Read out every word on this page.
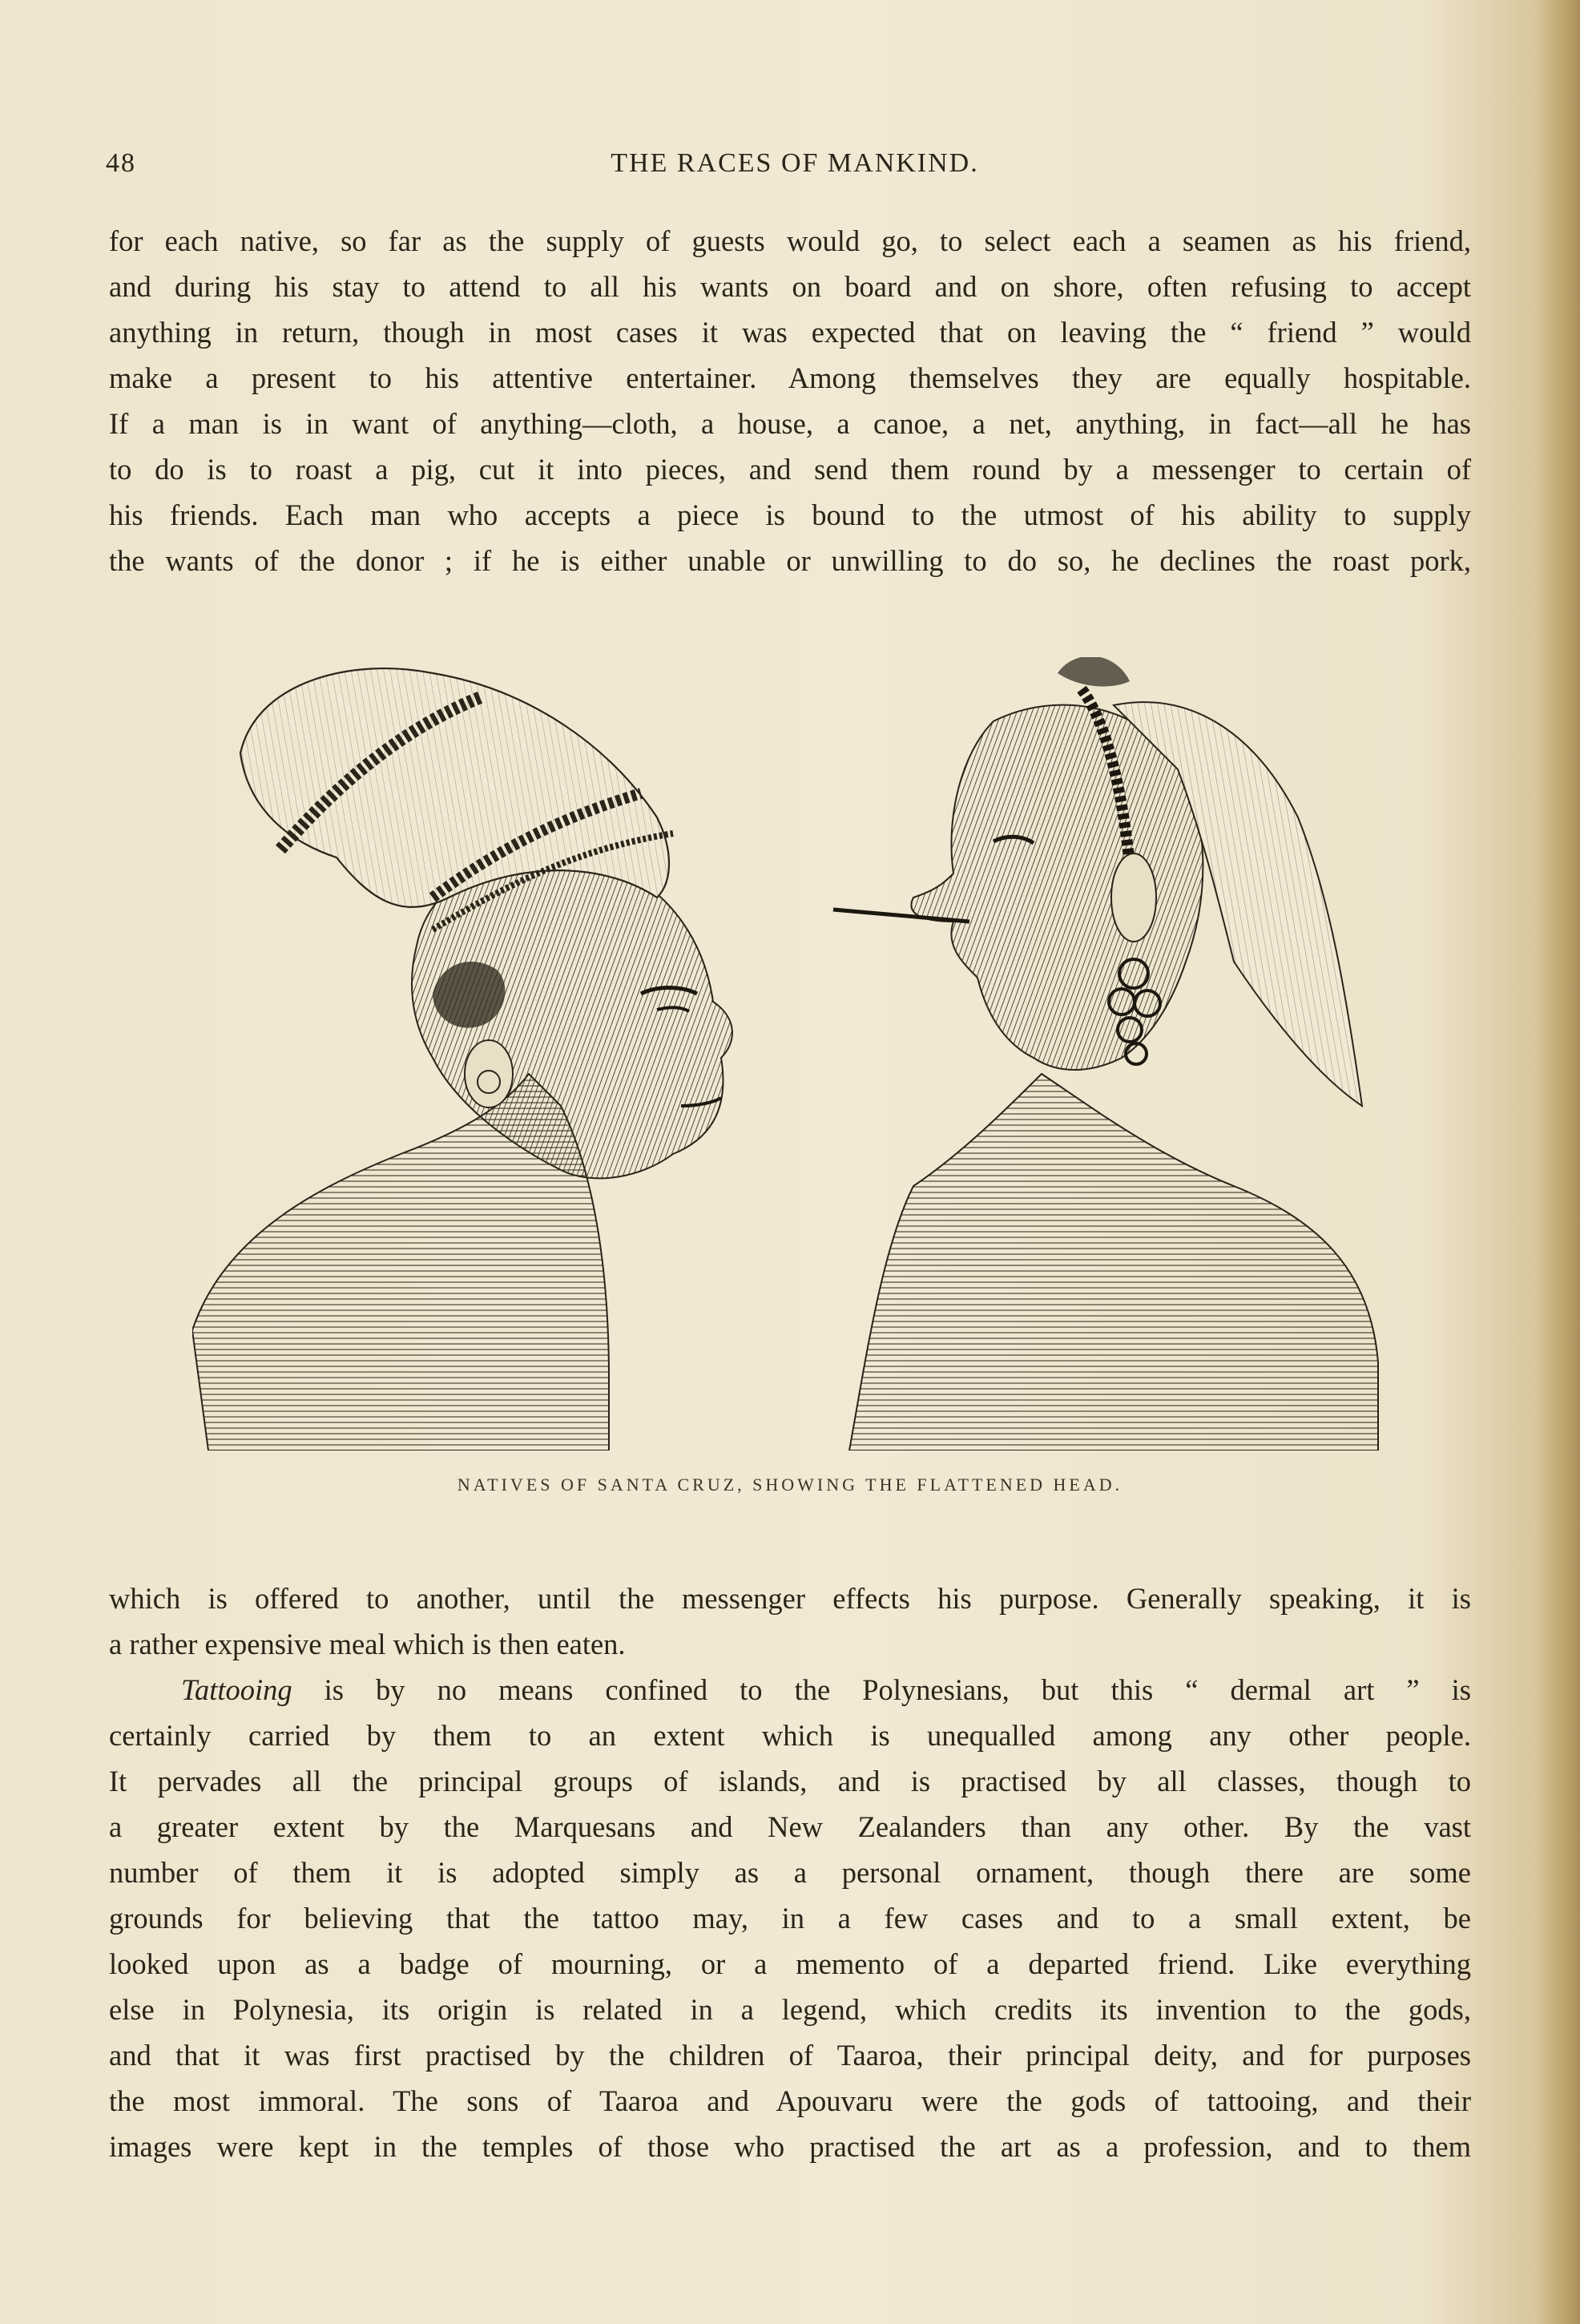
48	THE RACES OF MANKIND.
for each native, so far as the supply of guests would go, to select each a seamen as his friend,
and during his stay to attend to all his wants on board and on shore, often refusing to accept
anything in return, though in most cases it was expected that on leaving the “ friend ” would
make a present to his attentive entertainer. Among themselves they are equally hospitable.
If a man is in want of anything—cloth, a house, a canoe, a net, anything, in fact—all he has
to do is to roast a pig, cut it into pieces, and send them round by a messenger to certain of
his friends. Each man who accepts a piece is bound to the utmost of his ability to supply
the wants of the donor ; if he is either unable or unwilling to do so, he declines the roast pork,
NATIVES OF SANTA CRUZ, SHOWING THE FLATTENED HEAD.
which is offered to another, until the messenger effects his purpose. Generally speaking, it is
a rather expensive meal which is then eaten.
Tattooing is by no means confined to the Polynesians, but this “ dermal art ” is
certainly carried by them to an extent which is unequalled among any other people.
It pervades all the principal groups of islands, and is practised by all classes, though to
a greater extent by the Marquesans and New Zealanders than any other. By the vast
number of them it is adopted simply as a personal ornament, though there are some
grounds for believing that the tattoo may, in a few cases and to a small extent, be
looked upon as a badge of mourning, or a memento of a departed friend. Like everything
else in Polynesia, its origin is related in a legend, which credits its invention to the gods,
and that it was first practised by the children of Taaroa, their principal deity, and for purposes
the most immoral. The sons of Taaroa and Apouvaru were the gods of tattooing, and their
images were kept in the temples of those who practised the art as a profession, and to them
